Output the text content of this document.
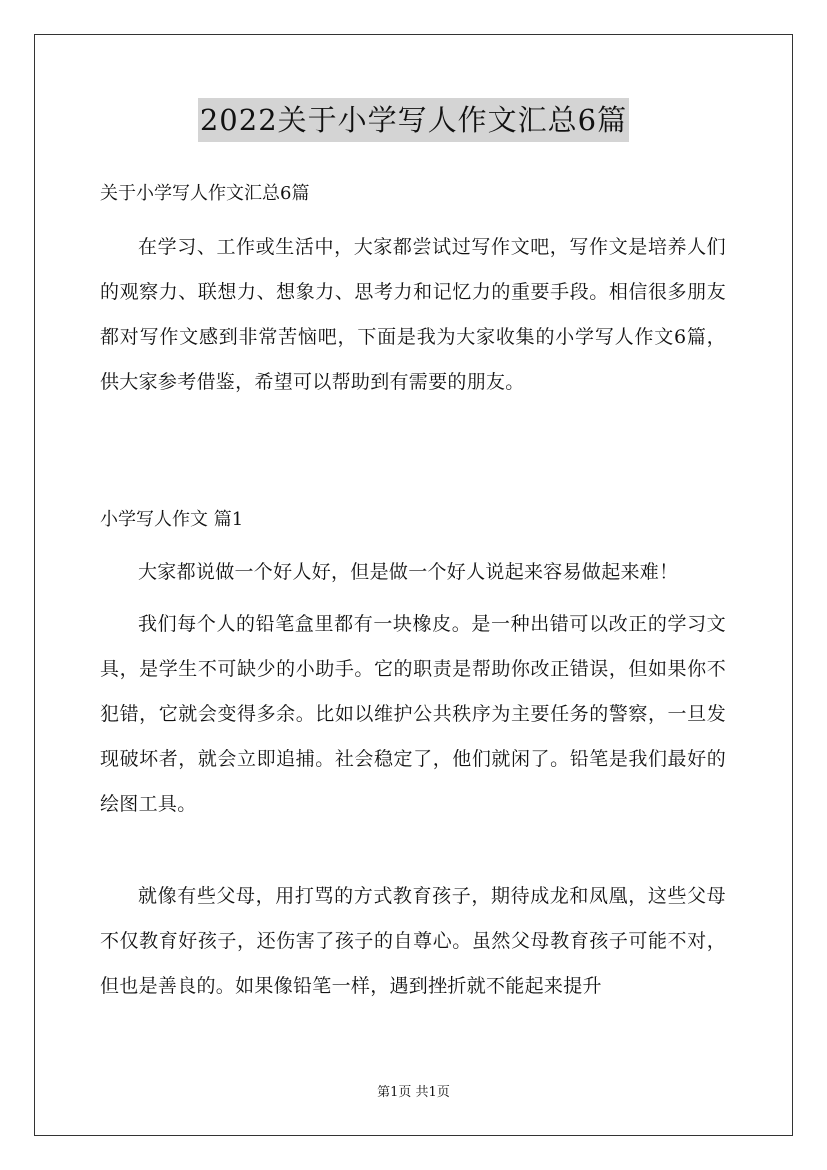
2022关于小学写人作文汇总6篇
关于小学写人作文汇总6篇

在学习、工作或生活中，大家都尝试过写作文吧，写作文是培养人们的观察力、联想力、想象力、思考力和记忆力的重要手段。相信很多朋友都对写作文感到非常苦恼吧，下面是我为大家收集的小学写人作文6篇，供大家参考借鉴，希望可以帮助到有需要的朋友。

小学写人作文 篇1

大家都说做一个好人好，但是做一个好人说起来容易做起来难！

我们每个人的铅笔盒里都有一块橡皮。是一种出错可以改正的学习文具，是学生不可缺少的小助手。它的职责是帮助你改正错误，但如果你不犯错，它就会变得多余。比如以维护公共秩序为主要任务的警察，一旦发现破坏者，就会立即追捕。社会稳定了，他们就闲了。铅笔是我们最好的绘图工具。

就像有些父母，用打骂的方式教育孩子，期待成龙和凤凰，这些父母不仅教育好孩子，还伤害了孩子的自尊心。虽然父母教育孩子可能不对，但也是善良的。如果像铅笔一样，遇到挫折就不能起来提升

第1页 共1页
